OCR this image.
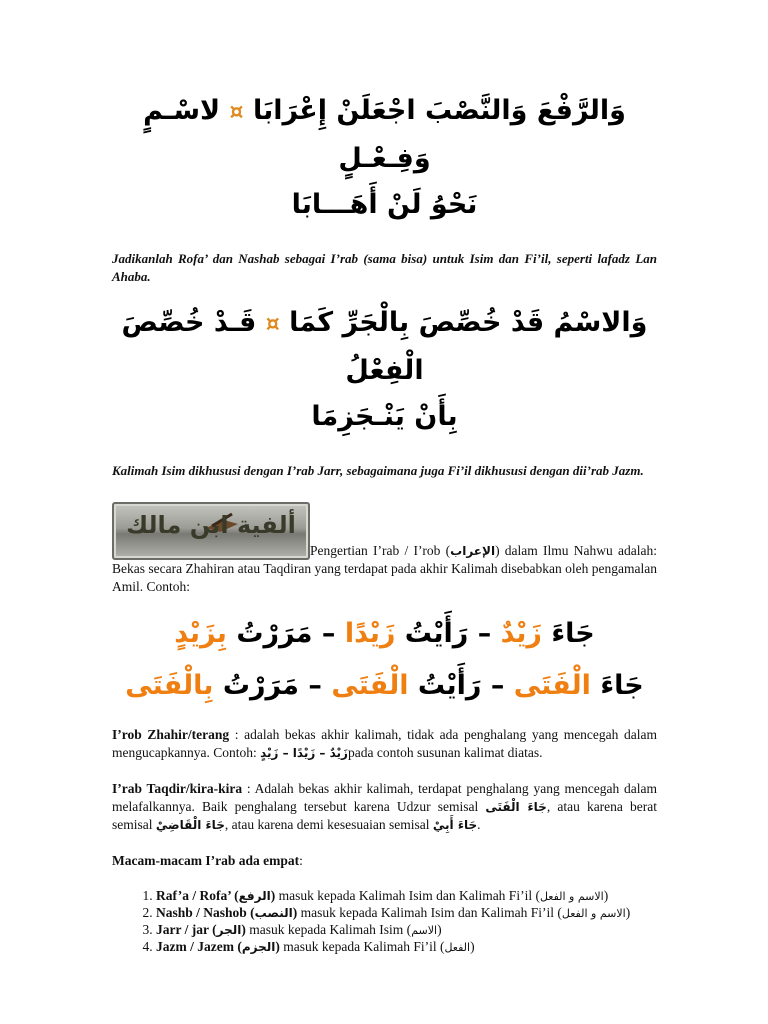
وَالرَّفْعَ وَالنَّصْبَ اجْعَلَنْ إِعْرَابَا ¤ لاسْـمٍ وَفِـعْـلٍ
نَحْوُ لَنْ أَهَـــابَا

Jadikanlah Rofa’ dan Nashab sebagai I’rab (sama bisa) untuk Isim dan Fi’il, seperti lafadz Lan Ahaba.

وَالاسْمُ قَدْ خُصِّصَ بِالْجَرِّ كَمَا ¤ قَـدْ خُصِّصَ الْفِعْلُ
بِأَنْ يَنْـجَزِمَا

Kalimah Isim dikhususi dengan I’rab Jarr, sebagaimana juga Fi’il dikhususi dengan dii’rab Jazm.

ألفية ابن مالك
Pengertian I’rab / I’rob (الإعراب) dalam Ilmu Nahwu adalah: Bekas secara Zhahiran atau Taqdiran yang terdapat pada akhir Kalimah disebabkan oleh pengamalan Amil. Contoh:

جَاءَ زَيْدٌ – رَأَيْتُ زَيْدًا – مَرَرْتُ بِزَيْدٍ
جَاءَ الْفَتَى – رَأَيْتُ الْفَتَى – مَرَرْتُ بِالْفَتَى

I’rob Zhahir/terang : adalah bekas akhir kalimah, tidak ada penghalang yang mencegah dalam mengucapkannya. Contoh: زَيْدٌ – زَيْدًا – زَيْدٍpada contoh susunan kalimat diatas.

I’rab Taqdir/kira-kira : Adalah bekas akhir kalimah, terdapat penghalang yang mencegah dalam melafalkannya. Baik penghalang tersebut karena Udzur semisal جَاءَ الْفَتَى, atau karena berat semisal جَاءَ الْقَاضِيْ, atau karena demi kesesuaian semisal جَاءَ أَبِيْ.

Macam-macam I’rab ada empat:

1. Raf’a / Rofa’ (الرفع) masuk kepada Kalimah Isim dan Kalimah Fi’il (الاسم و الفعل)
2. Nashb / Nashob (النصب) masuk kepada Kalimah Isim dan Kalimah Fi’il (الاسم و الفعل)
3. Jarr / jar (الجر) masuk kepada Kalimah Isim (الاسم)
4. Jazm / Jazem (الجزم) masuk kepada Kalimah Fi’il (الفعل)
